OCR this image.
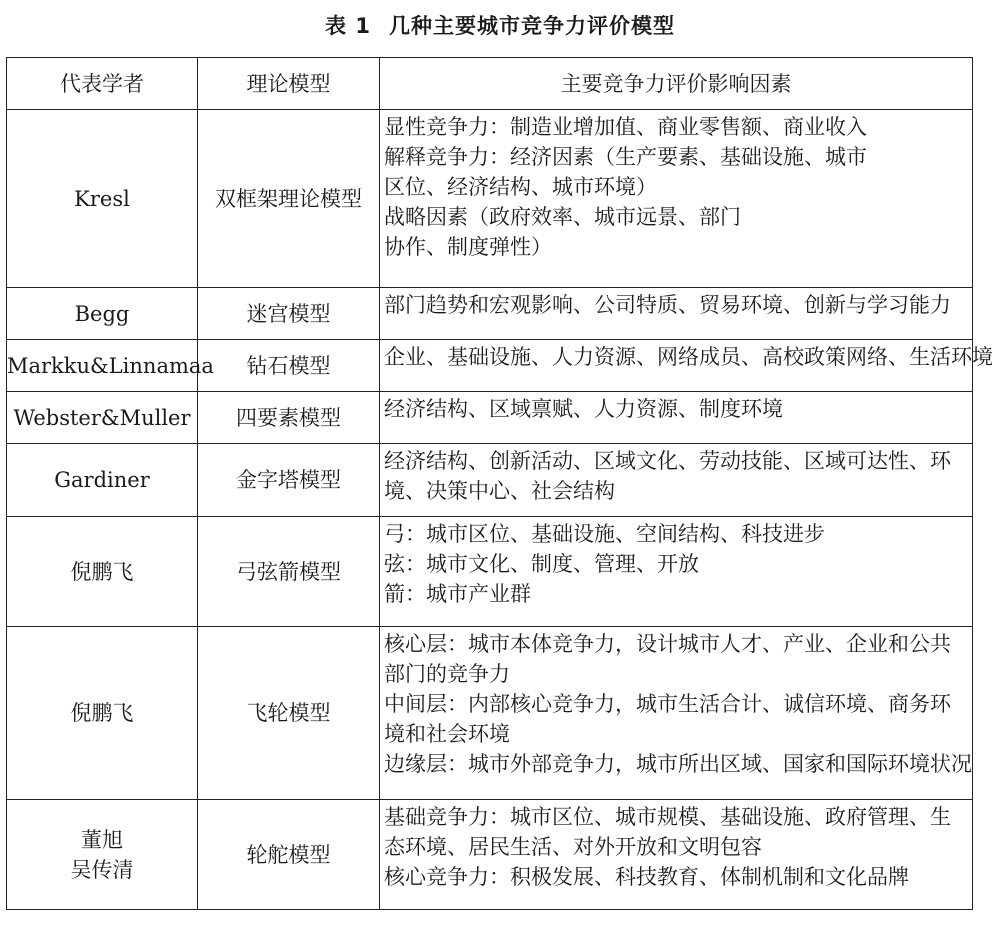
表 1 几种主要城市竞争力评价模型
代表学者	理论模型	主要竞争力评价影响因素

Kresl	双框架理论模型	显性竞争力：制造业增加值、商业零售额、商业收入
解释竞争力：经济因素（生产要素、基础设施、城市
区位、经济结构、城市环境）
战略因素（政府效率、城市远景、部门
协作、制度弹性）

Begg	迷宫模型	部门趋势和宏观影响、公司特质、贸易环境、创新与学习能力

Markku&Linnamaa	钻石模型	企业、基础设施、人力资源、网络成员、高校政策网络、生活环境

Webster&Muller	四要素模型	经济结构、区域禀赋、人力资源、制度环境

Gardiner	金字塔模型	经济结构、创新活动、区域文化、劳动技能、区域可达性、环
境、决策中心、社会结构

倪鹏飞	弓弦箭模型	弓：城市区位、基础设施、空间结构、科技进步
弦：城市文化、制度、管理、开放
箭：城市产业群

倪鹏飞	飞轮模型	核心层：城市本体竞争力，设计城市人才、产业、企业和公共
部门的竞争力
中间层：内部核心竞争力，城市生活合计、诚信环境、商务环
境和社会环境
边缘层：城市外部竞争力，城市所出区域、国家和国际环境状况

董旭
吴传清	轮舵模型	基础竞争力：城市区位、城市规模、基础设施、政府管理、生
态环境、居民生活、对外开放和文明包容
核心竞争力：积极发展、科技教育、体制机制和文化品牌
